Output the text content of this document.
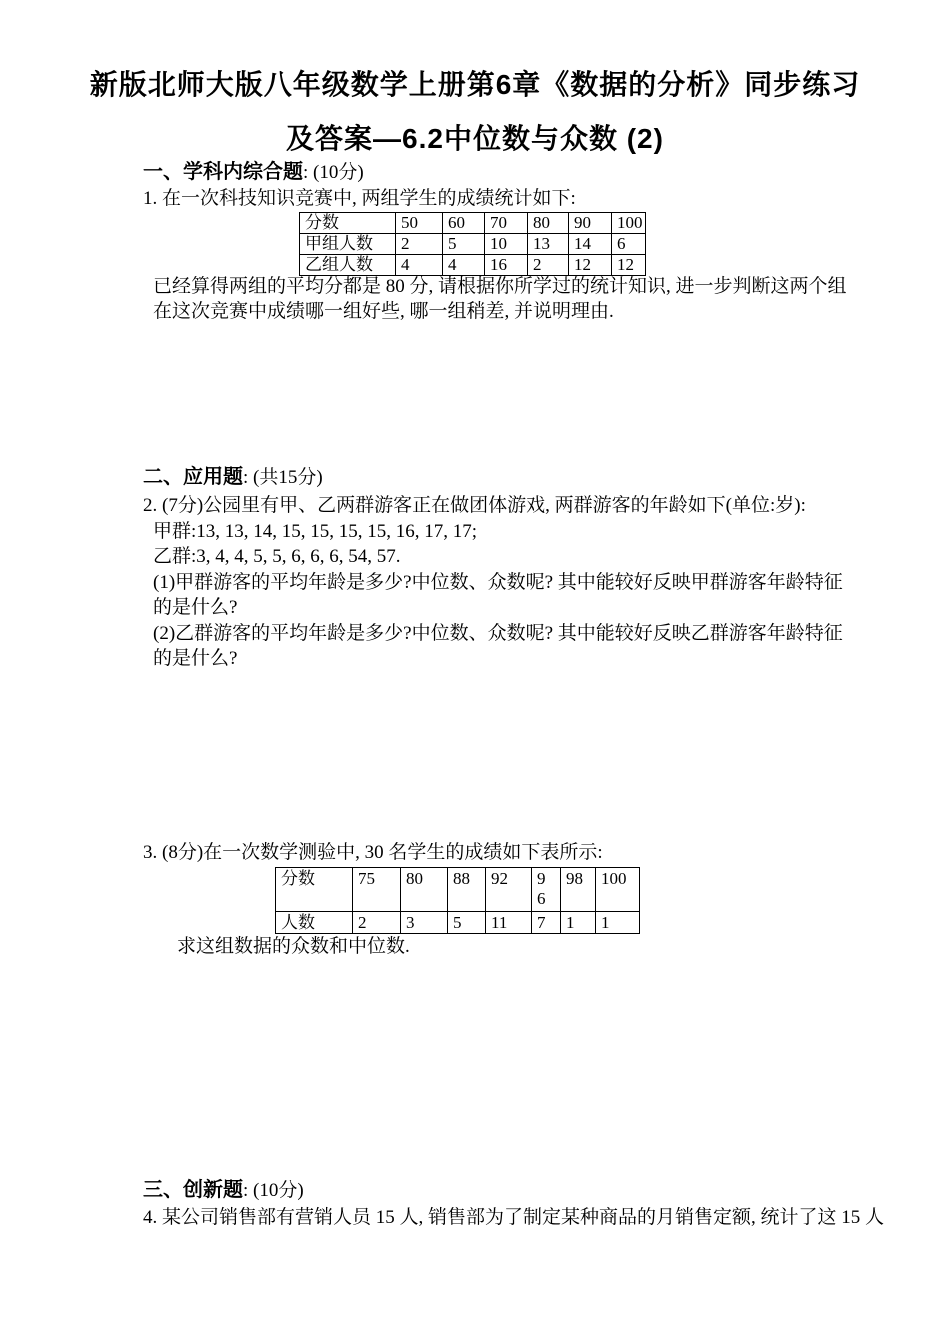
新版北师大版八年级数学上册第6章《数据的分析》同步练习
及答案—6.2中位数与众数 (2)
一、学科内综合题: (10分)
1. 在一次科技知识竞赛中, 两组学生的成绩统计如下:
分数	50	60	70	80	90	100
甲组人数	2	5	10	13	14	6
乙组人数	4	4	16	2	12	12
已经算得两组的平均分都是 80 分, 请根据你所学过的统计知识, 进一步判断这两个组在这次竞赛中成绩哪一组好些, 哪一组稍差, 并说明理由.
二、应用题: (共15分)
2. (7分)公园里有甲、乙两群游客正在做团体游戏, 两群游客的年龄如下(单位:岁):
甲群:13, 13, 14, 15, 15, 15, 15, 16, 17, 17;
乙群:3, 4, 4, 5, 5, 6, 6, 6, 54, 57.
(1)甲群游客的平均年龄是多少?中位数、众数呢? 其中能较好反映甲群游客年龄特征的是什么?
(2)乙群游客的平均年龄是多少?中位数、众数呢? 其中能较好反映乙群游客年龄特征的是什么?
3. (8分)在一次数学测验中, 30 名学生的成绩如下表所示:
分数	75	80	88	92	96	98	100
人数	2	3	5	11	7	1	1
求这组数据的众数和中位数.
三、创新题: (10分)
4. 某公司销售部有营销人员 15 人, 销售部为了制定某种商品的月销售定额, 统计了这 15 人
